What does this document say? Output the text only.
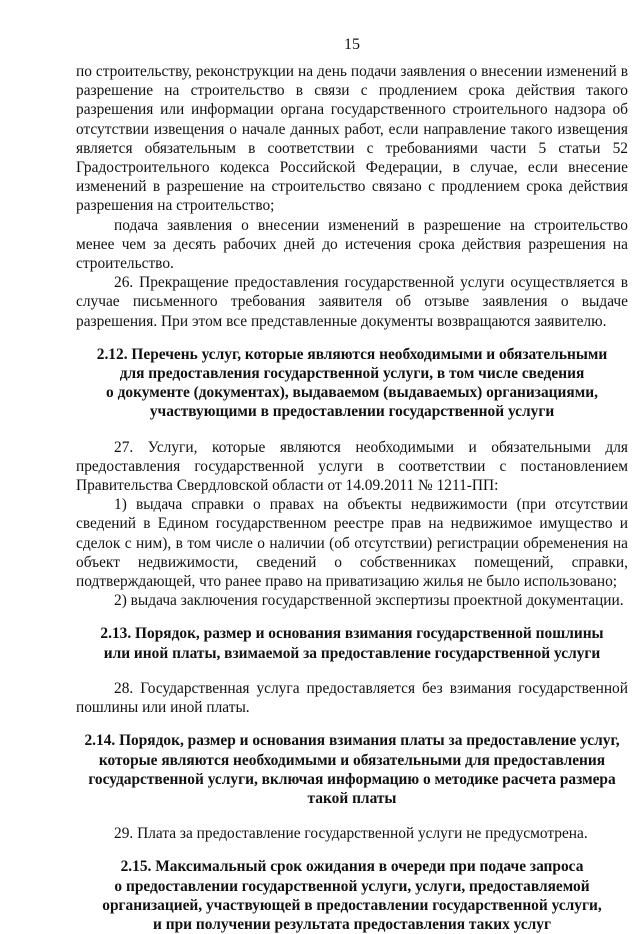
15

по строительству, реконструкции на день подачи заявления о внесении изменений в разрешение на строительство в связи с продлением срока действия такого разрешения или информации органа государственного строительного надзора об отсутствии извещения о начале данных работ, если направление такого извещения является обязательным в соответствии с требованиями части 5 статьи 52 Градостроительного кодекса Российской Федерации, в случае, если внесение изменений в разрешение на строительство связано с продлением срока действия разрешения на строительство;

подача заявления о внесении изменений в разрешение на строительство менее чем за десять рабочих дней до истечения срока действия разрешения на строительство.

26. Прекращение предоставления государственной услуги осуществляется в случае письменного требования заявителя об отзыве заявления о выдаче разрешения. При этом все представленные документы возвращаются заявителю.

2.12. Перечень услуг, которые являются необходимыми и обязательными
для предоставления государственной услуги, в том числе сведения
о документе (документах), выдаваемом (выдаваемых) организациями,
участвующими в предоставлении государственной услуги

27. Услуги, которые являются необходимыми и обязательными для предоставления государственной услуги в соответствии с постановлением Правительства Свердловской области от 14.09.2011 № 1211-ПП:

1) выдача справки о правах на объекты недвижимости (при отсутствии сведений в Едином государственном реестре прав на недвижимое имущество и сделок с ним), в том числе о наличии (об отсутствии) регистрации обременения на объект недвижимости, сведений о собственниках помещений, справки, подтверждающей, что ранее право на приватизацию жилья не было использовано;

2) выдача заключения государственной экспертизы проектной документации.

2.13. Порядок, размер и основания взимания государственной пошлины
или иной платы, взимаемой за предоставление государственной услуги

28. Государственная услуга предоставляется без взимания государственной пошлины или иной платы.

2.14. Порядок, размер и основания взимания платы за предоставление услуг,
которые являются необходимыми и обязательными для предоставления
государственной услуги, включая информацию о методике расчета размера
такой платы

29. Плата за предоставление государственной услуги не предусмотрена.

2.15. Максимальный срок ожидания в очереди при подаче запроса
о предоставлении государственной услуги, услуги, предоставляемой
организацией, участвующей в предоставлении государственной услуги,
и при получении результата предоставления таких услуг
